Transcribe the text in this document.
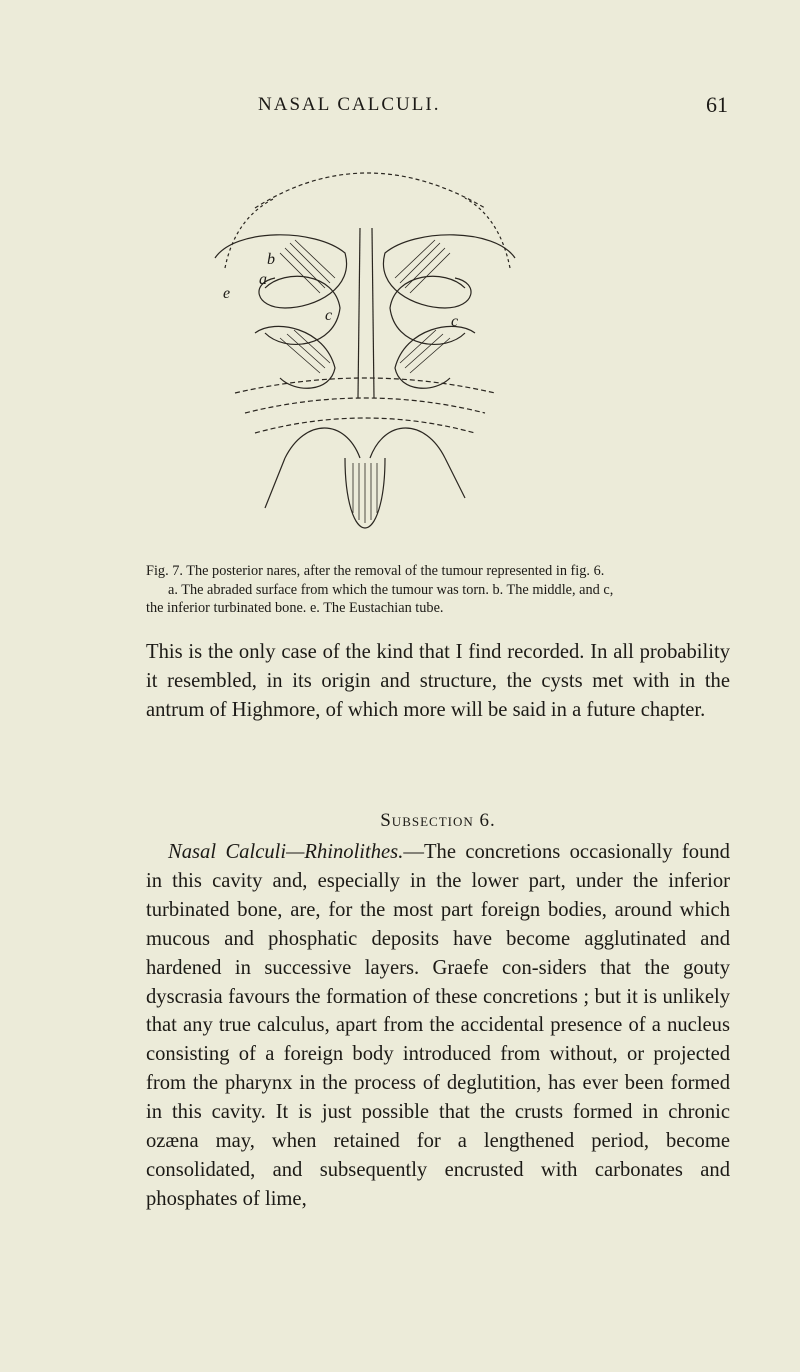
NASAL CALCULI.	61
b
a
e
c	c
Fig. 7. The posterior nares, after the removal of the tumour represented in fig. 6.
a. The abraded surface from which the tumour was torn. b. The middle, and c,
the inferior turbinated bone. e. The Eustachian tube.

This is the only case of the kind that I find recorded. In all probability it resembled, in its origin and structure, the cysts met with in the antrum of Highmore, of which more will be said in a future chapter.

Subsection 6.

Nasal Calculi—Rhinolithes.—The concretions occasionally found in this cavity and, especially in the lower part, under the inferior turbinated bone, are, for the most part foreign bodies, around which mucous and phosphatic deposits have become agglutinated and hardened in successive layers. Graefe con-siders that the gouty dyscrasia favours the formation of these concretions ; but it is unlikely that any true calculus, apart from the accidental presence of a nucleus consisting of a foreign body introduced from without, or projected from the pharynx in the process of deglutition, has ever been formed in this cavity. It is just possible that the crusts formed in chronic ozæna may, when retained for a lengthened period, become consolidated, and subsequently encrusted with carbonates and phosphates of lime,
